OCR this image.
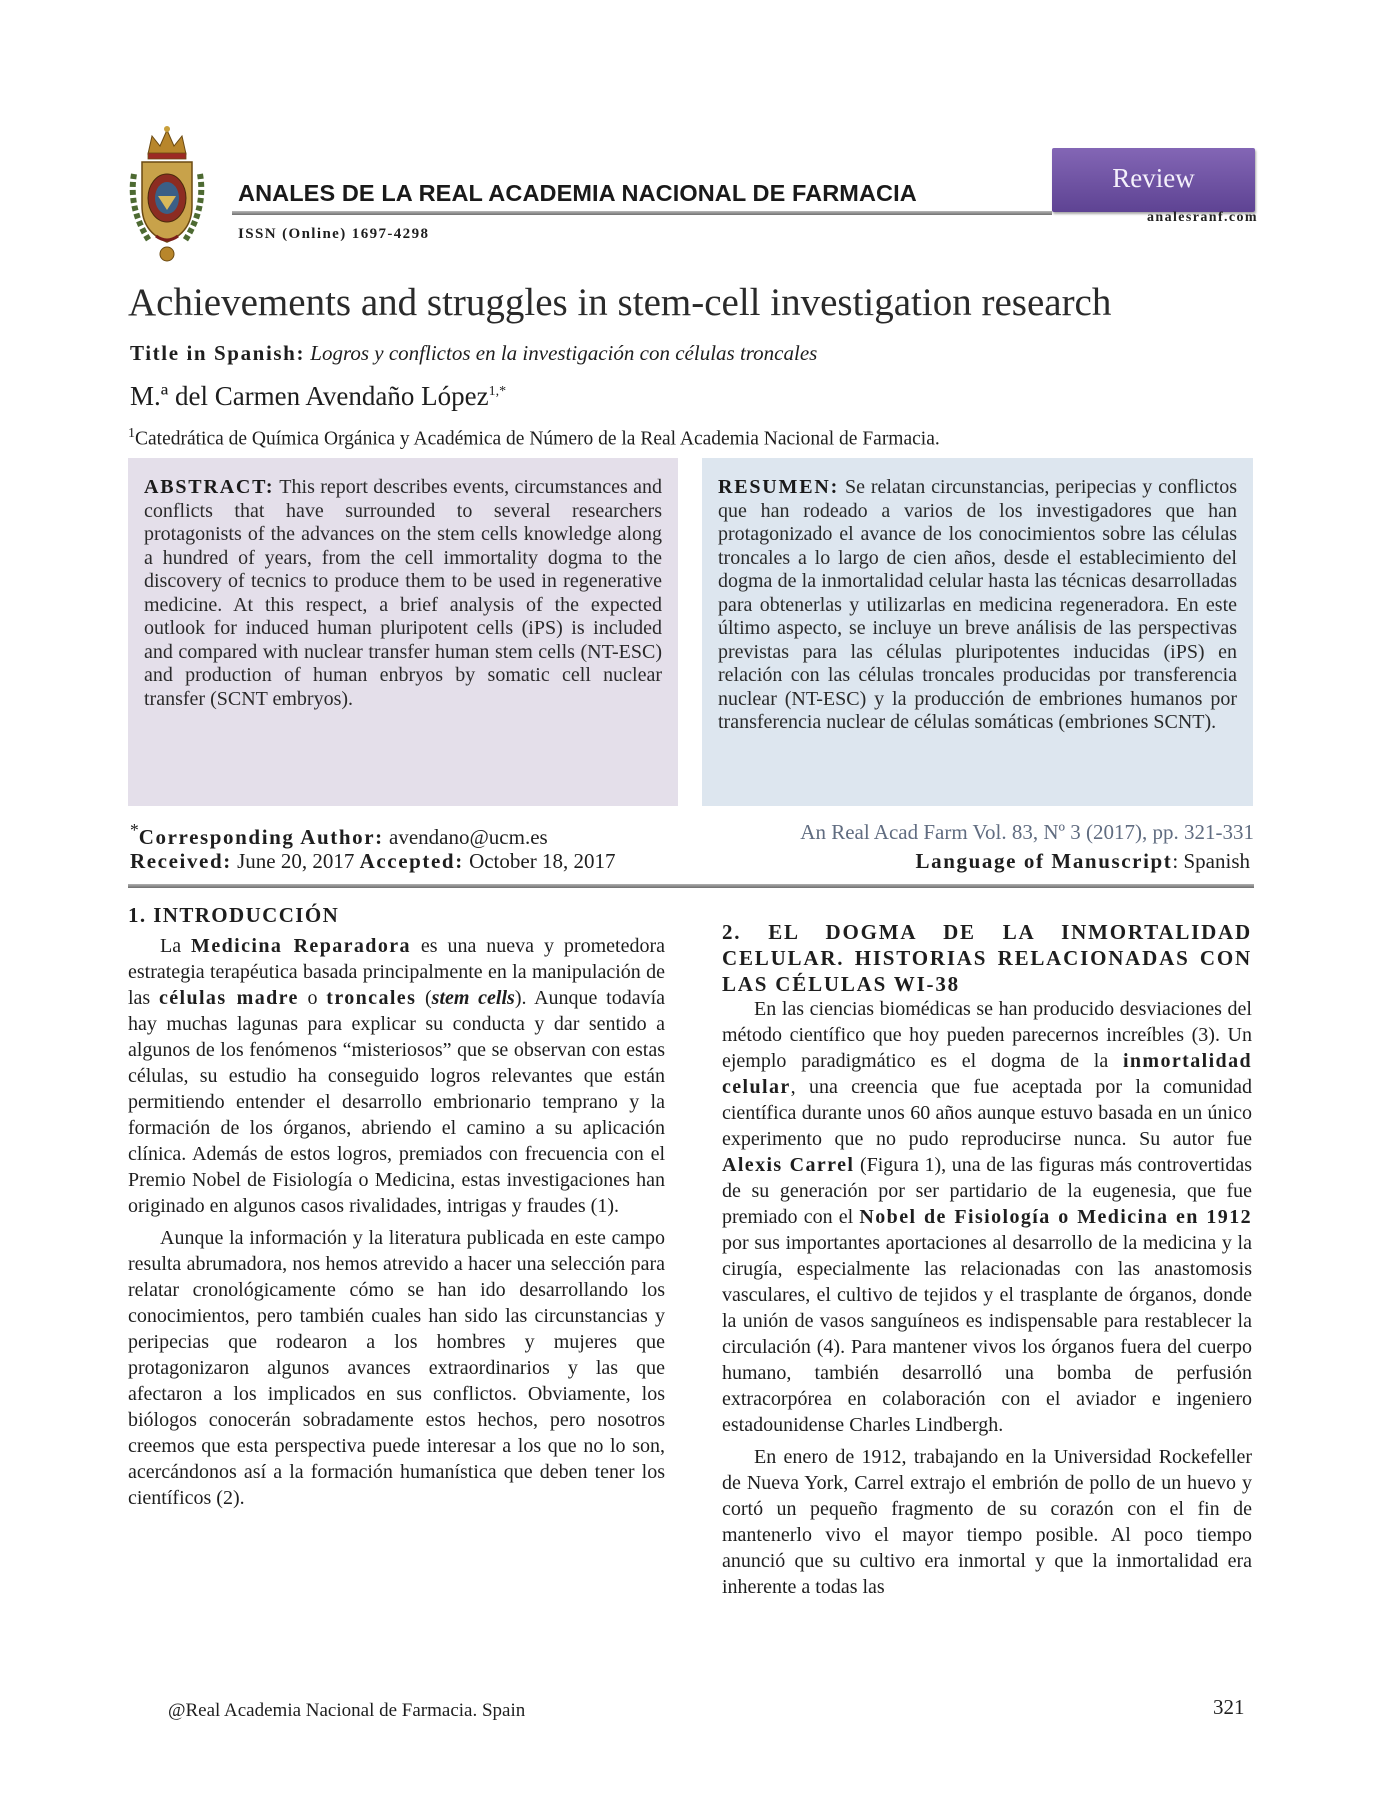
ANALES DE LA REAL ACADEMIA NACIONAL DE FARMACIA
ISSN (Online) 1697-4298
Review
analesranf.com
Achievements and struggles in stem-cell investigation research
Title in Spanish: Logros y conflictos en la investigación con células troncales
M.ª del Carmen Avendaño López$^{1,*}$
$^1$Catedrática de Química Orgánica y Académica de Número de la Real Academia Nacional de Farmacia.
ABSTRACT: This report describes events, circumstances and conflicts that have surrounded to several researchers protagonists of the advances on the stem cells knowledge along a hundred of years, from the cell immortality dogma to the discovery of tecnics to produce them to be used in regenerative medicine. At this respect, a brief analysis of the expected outlook for induced human pluripotent cells (iPS) is included and compared with nuclear transfer human stem cells (NT-ESC) and production of human enbryos by somatic cell nuclear transfer (SCNT embryos).
RESUMEN: Se relatan circunstancias, peripecias y conflictos que han rodeado a varios de los investigadores que han protagonizado el avance de los conocimientos sobre las células troncales a lo largo de cien años, desde el establecimiento del dogma de la inmortalidad celular hasta las técnicas desarrolladas para obtenerlas y utilizarlas en medicina regeneradora. En este último aspecto, se incluye un breve análisis de las perspectivas previstas para las células pluripotentes inducidas (iPS) en relación con las células troncales producidas por transferencia nuclear (NT-ESC) y la producción de embriones humanos por transferencia nuclear de células somáticas (embriones SCNT).
*Corresponding Author: avendano@ucm.es
Received: June 20, 2017 Accepted: October 18, 2017
An Real Acad Farm Vol. 83, Nº 3 (2017), pp. 321-331
Language of Manuscript: Spanish
1. INTRODUCCIÓN

La Medicina Reparadora es una nueva y prometedora estrategia terapéutica basada principalmente en la manipulación de las células madre o troncales (stem cells). Aunque todavía hay muchas lagunas para explicar su conducta y dar sentido a algunos de los fenómenos “misteriosos” que se observan con estas células, su estudio ha conseguido logros relevantes que están permitiendo entender el desarrollo embrionario temprano y la formación de los órganos, abriendo el camino a su aplicación clínica. Además de estos logros, premiados con frecuencia con el Premio Nobel de Fisiología o Medicina, estas investigaciones han originado en algunos casos rivalidades, intrigas y fraudes (1).

Aunque la información y la literatura publicada en este campo resulta abrumadora, nos hemos atrevido a hacer una selección para relatar cronológicamente cómo se han ido desarrollando los conocimientos, pero también cuales han sido las circunstancias y peripecias que rodearon a los hombres y mujeres que protagonizaron algunos avances extraordinarios y las que afectaron a los implicados en sus conflictos. Obviamente, los biólogos conocerán sobradamente estos hechos, pero nosotros creemos que esta perspectiva puede interesar a los que no lo son, acercándonos así a la formación humanística que deben tener los científicos (2).

2. EL DOGMA DE LA INMORTALIDAD CELULAR. HISTORIAS RELACIONADAS CON LAS CÉLULAS WI-38

En las ciencias biomédicas se han producido desviaciones del método científico que hoy pueden parecernos increíbles (3). Un ejemplo paradigmático es el dogma de la inmortalidad celular, una creencia que fue aceptada por la comunidad científica durante unos 60 años aunque estuvo basada en un único experimento que no pudo reproducirse nunca. Su autor fue Alexis Carrel (Figura 1), una de las figuras más controvertidas de su generación por ser partidario de la eugenesia, que fue premiado con el Nobel de Fisiología o Medicina en 1912 por sus importantes aportaciones al desarrollo de la medicina y la cirugía, especialmente las relacionadas con las anastomosis vasculares, el cultivo de tejidos y el trasplante de órganos, donde la unión de vasos sanguíneos es indispensable para restablecer la circulación (4). Para mantener vivos los órganos fuera del cuerpo humano, también desarrolló una bomba de perfusión extracorpórea en colaboración con el aviador e ingeniero estadounidense Charles Lindbergh.

En enero de 1912, trabajando en la Universidad Rockefeller de Nueva York, Carrel extrajo el embrión de pollo de un huevo y cortó un pequeño fragmento de su corazón con el fin de mantenerlo vivo el mayor tiempo posible. Al poco tiempo anunció que su cultivo era inmortal y que la inmortalidad era inherente a todas las

@Real Academia Nacional de Farmacia. Spain	321
